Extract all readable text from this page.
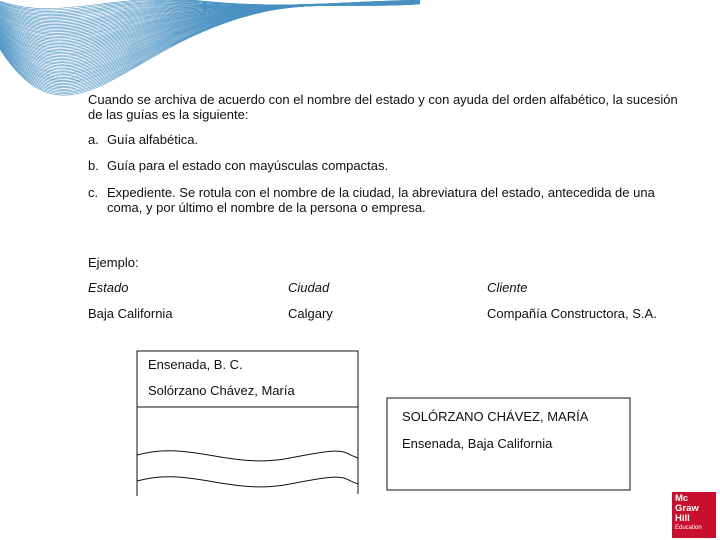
Cuando se archiva de acuerdo con el nombre del estado y con ayuda del orden alfabético, la sucesión de las guías es la siguiente:
a. Guía alfabética.
b. Guía para el estado con mayúsculas compactas.
c. Expediente. Se rotula con el nombre de la ciudad, la abreviatura del estado, antecedida de una coma, y por último el nombre de la persona o empresa.
Ejemplo:
Estado	Ciudad	Cliente
Baja California	Calgary	Compañía Constructora, S.A.
Ensenada, B. C.
Solórzano Chávez, María
SOLÓRZANO CHÁVEZ, MARÍA
Ensenada, Baja California
Mc
Graw
Hill
Education
